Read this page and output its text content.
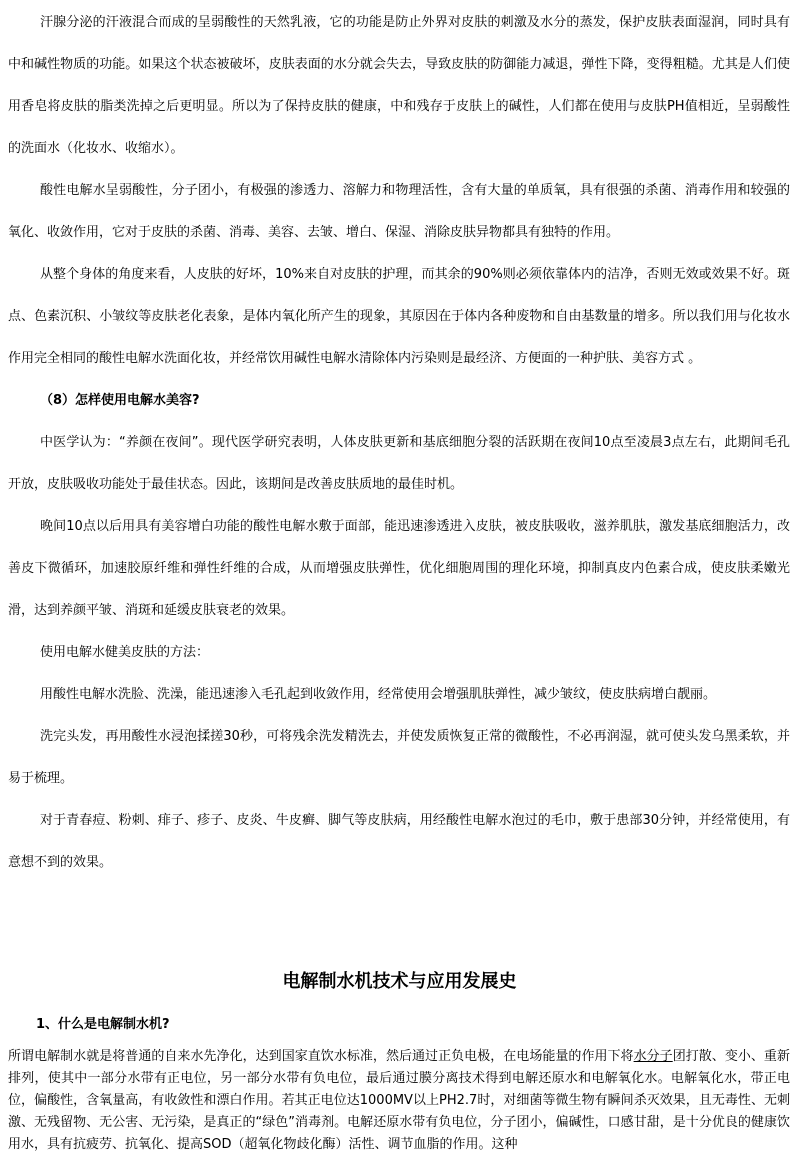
汗腺分泌的汗液混合而成的呈弱酸性的天然乳液，它的功能是防止外界对皮肤的刺激及水分的蒸发，保护皮肤表面湿润，同时具有中和碱性物质的功能。如果这个状态被破坏，皮肤表面的水分就会失去，导致皮肤的防御能力减退，弹性下降，变得粗糙。尤其是人们使用香皂将皮肤的脂类洗掉之后更明显。所以为了保持皮肤的健康，中和残存于皮肤上的碱性，人们都在使用与皮肤PH值相近，呈弱酸性的洗面水（化妆水、收缩水）。

酸性电解水呈弱酸性，分子团小，有极强的渗透力、溶解力和物理活性，含有大量的单质氧，具有很强的杀菌、消毒作用和较强的氧化、收敛作用，它对于皮肤的杀菌、消毒、美容、去皱、增白、保湿、消除皮肤异物都具有独特的作用。

从整个身体的角度来看，人皮肤的好坏，10%来自对皮肤的护理，而其余的90%则必须依靠体内的洁净，否则无效或效果不好。斑点、色素沉积、小皱纹等皮肤老化表象，是体内氧化所产生的现象，其原因在于体内各种废物和自由基数量的增多。所以我们用与化妆水作用完全相同的酸性电解水洗面化妆，并经常饮用碱性电解水清除体内污染则是最经济、方便面的一种护肤、美容方式 。

（8）怎样使用电解水美容?

中医学认为：“养颜在夜间”。现代医学研究表明，人体皮肤更新和基底细胞分裂的活跃期在夜间10点至凌晨3点左右，此期间毛孔开放，皮肤吸收功能处于最佳状态。因此，该期间是改善皮肤质地的最佳时机。

晚间10点以后用具有美容增白功能的酸性电解水敷于面部，能迅速渗透进入皮肤，被皮肤吸收，滋养肌肤，激发基底细胞活力，改善皮下微循环，加速胶原纤维和弹性纤维的合成，从而增强皮肤弹性，优化细胞周围的理化环境，抑制真皮内色素合成，使皮肤柔嫩光滑，达到养颜平皱、消斑和延缓皮肤衰老的效果。

使用电解水健美皮肤的方法：

用酸性电解水洗脸、洗澡，能迅速渗入毛孔起到收敛作用，经常使用会增强肌肤弹性，减少皱纹，使皮肤病增白靓丽。

洗完头发，再用酸性水浸泡揉搓30秒，可将残余洗发精洗去，并使发质恢复正常的微酸性，不必再润湿，就可使头发乌黑柔软，并易于梳理。

对于青春痘、粉刺、痱子、疹子、皮炎、牛皮癣、脚气等皮肤病，用经酸性电解水泡过的毛巾，敷于患部30分钟，并经常使用，有意想不到的效果。

电解制水机技术与应用发展史

1、什么是电解制水机?

所谓电解制水就是将普通的自来水先净化，达到国家直饮水标准，然后通过正负电极，在电场能量的作用下将水分子团打散、变小、重新排列，使其中一部分水带有正电位，另一部分水带有负电位，最后通过膜分离技术得到电解还原水和电解氧化水。电解氧化水，带正电位，偏酸性，含氧量高，有收敛性和漂白作用。若其正电位达1000MV以上PH2.7时，对细菌等微生物有瞬间杀灭效果，且无毒性、无刺激、无残留物、无公害、无污染，是真正的“绿色”消毒剂。电解还原水带有负电位，分子团小，偏碱性，口感甘甜，是十分优良的健康饮用水，具有抗疲劳、抗氧化、提高SOD（超氧化物歧化酶）活性、调节血脂的作用。这种
